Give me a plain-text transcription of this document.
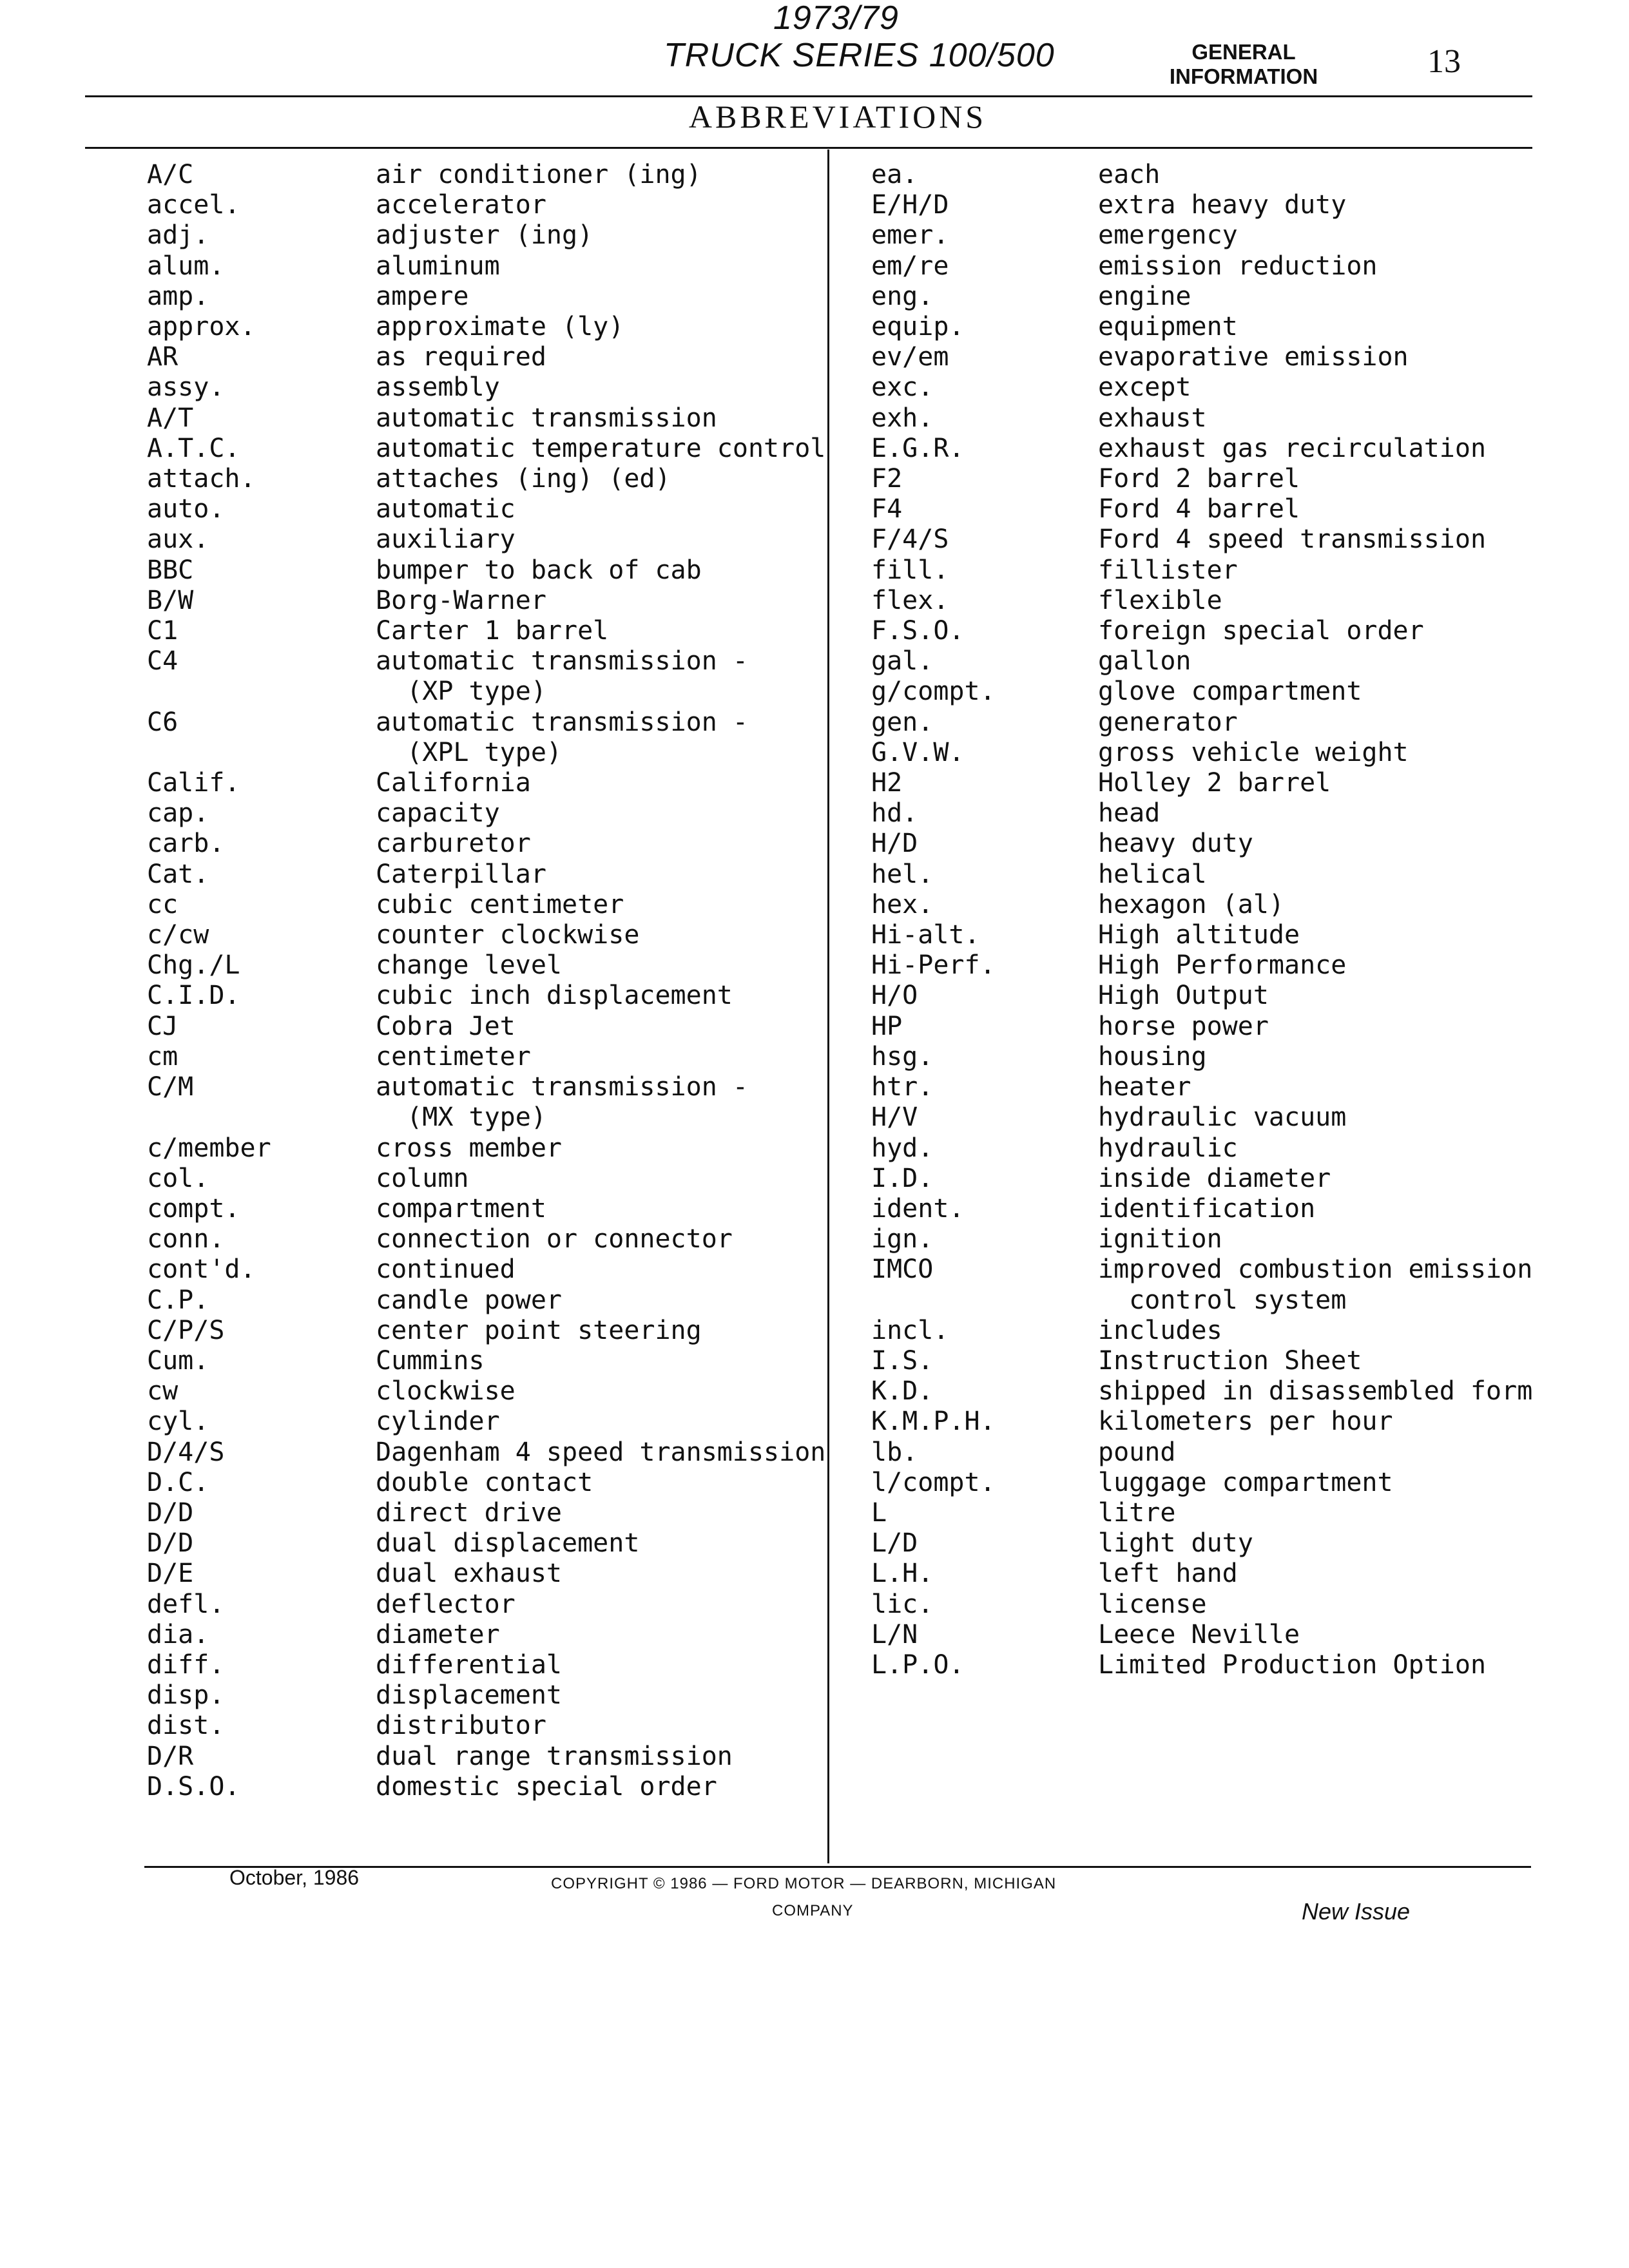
1973/79
TRUCK SERIES 100/500	GENERAL
INFORMATION	13
ABBREVIATIONS
A/C	air conditioner (ing)
accel.	accelerator
adj.	adjuster (ing)
alum.	aluminum
amp.	ampere
approx.	approximate (ly)
AR	as required
assy.	assembly
A/T	automatic transmission
A.T.C.	automatic temperature control
attach.	attaches (ing) (ed)
auto.	automatic
aux.	auxiliary
BBC	bumper to back of cab
B/W	Borg-Warner
C1	Carter 1 barrel
C4	automatic transmission -
(XP type)
C6	automatic transmission -
(XPL type)
Calif.	California
cap.	capacity
carb.	carburetor
Cat.	Caterpillar
cc	cubic centimeter
c/cw	counter clockwise
Chg./L	change level
C.I.D.	cubic inch displacement
CJ	Cobra Jet
cm	centimeter
C/M	automatic transmission -
(MX type)
c/member	cross member
col.	column
compt.	compartment
conn.	connection or connector
cont'd.	continued
C.P.	candle power
C/P/S	center point steering
Cum.	Cummins
cw	clockwise
cyl.	cylinder
D/4/S	Dagenham 4 speed transmission
D.C.	double contact
D/D	direct drive
D/D	dual displacement
D/E	dual exhaust
defl.	deflector
dia.	diameter
diff.	differential
disp.	displacement
dist.	distributor
D/R	dual range transmission
D.S.O.	domestic special order
ea.	each
E/H/D	extra heavy duty
emer.	emergency
em/re	emission reduction
eng.	engine
equip.	equipment
ev/em	evaporative emission
exc.	except
exh.	exhaust
E.G.R.	exhaust gas recirculation
F2	Ford 2 barrel
F4	Ford 4 barrel
F/4/S	Ford 4 speed transmission
fill.	fillister
flex.	flexible
F.S.O.	foreign special order
gal.	gallon
g/compt.	glove compartment
gen.	generator
G.V.W.	gross vehicle weight
H2	Holley 2 barrel
hd.	head
H/D	heavy duty
hel.	helical
hex.	hexagon (al)
Hi-alt.	High altitude
Hi-Perf.	High Performance
H/O	High Output
HP	horse power
hsg.	housing
htr.	heater
H/V	hydraulic vacuum
hyd.	hydraulic
I.D.	inside diameter
ident.	identification
ign.	ignition
IMCO	improved combustion emission
control system
incl.	includes
I.S.	Instruction Sheet
K.D.	shipped in disassembled form
K.M.P.H.	kilometers per hour
lb.	pound
l/compt.	luggage compartment
L	litre
L/D	light duty
L.H.	left hand
lic.	license
L/N	Leece Neville
L.P.O.	Limited Production Option
October, 1986	COPYRIGHT © 1986 — FORD MOTOR — DEARBORN, MICHIGAN
COMPANY	New Issue
